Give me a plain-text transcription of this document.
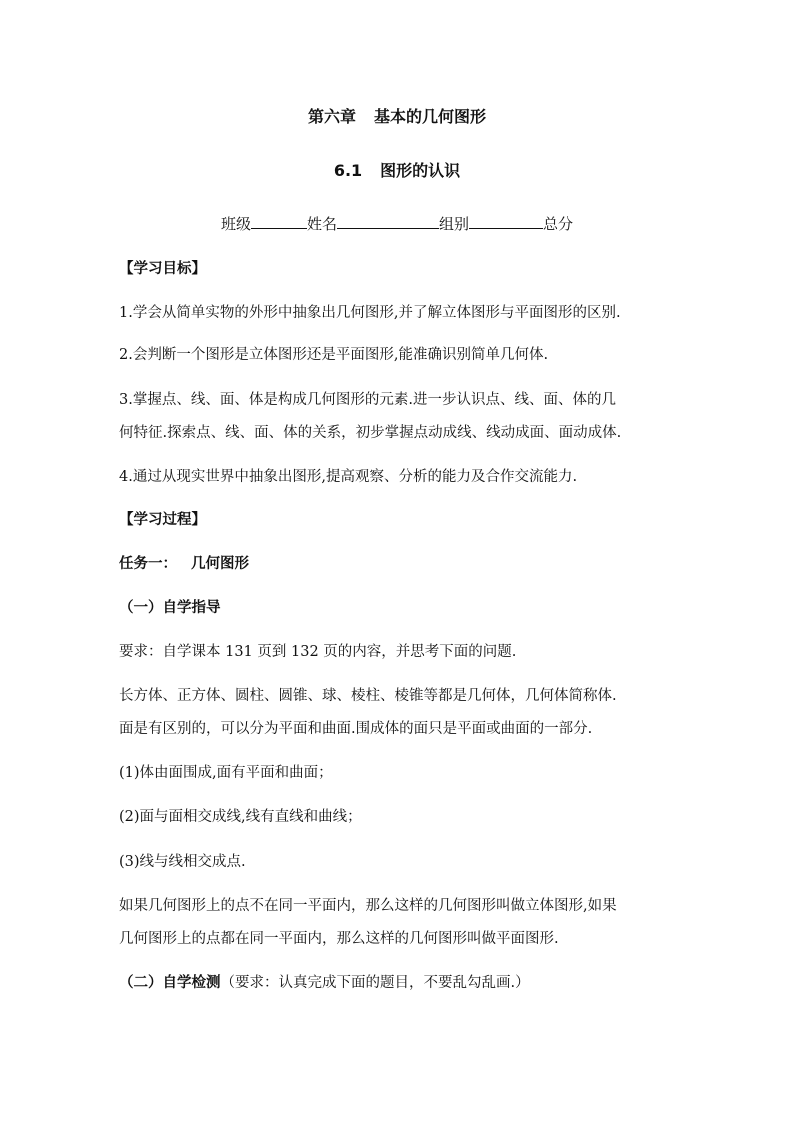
第六章 基本的几何图形
6.1 图形的认识
班级	姓名	组别	总分
【学习目标】
1.学会从简单实物的外形中抽象出几何图形,并了解立体图形与平面图形的区别.
2.会判断一个图形是立体图形还是平面图形,能准确识别简单几何体.
3.掌握点、线、面、体是构成几何图形的元素.进一步认识点、线、面、体的几
何特征.探索点、线、面、体的关系，初步掌握点动成线、线动成面、面动成体.
4.通过从现实世界中抽象出图形,提高观察、分析的能力及合作交流能力.
【学习过程】
任务一： 几何图形
（一）自学指导
要求：自学课本 131 页到 132 页的内容，并思考下面的问题.
长方体、正方体、圆柱、圆锥、球、棱柱、棱锥等都是几何体，几何体简称体.
面是有区别的，可以分为平面和曲面.围成体的面只是平面或曲面的一部分.
(1)体由面围成,面有平面和曲面；
(2)面与面相交成线,线有直线和曲线；
(3)线与线相交成点.
如果几何图形上的点不在同一平面内，那么这样的几何图形叫做立体图形,如果
几何图形上的点都在同一平面内，那么这样的几何图形叫做平面图形.
（二）自学检测（要求：认真完成下面的题目，不要乱勾乱画.）
